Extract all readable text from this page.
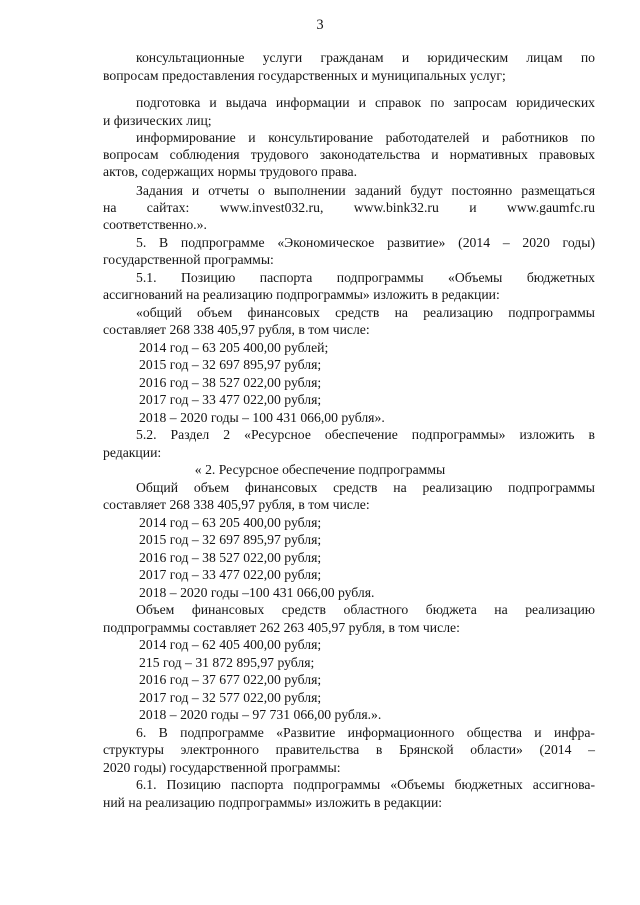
3
консультационные услуги гражданам и юридическим лицам по
вопросам предоставления государственных и муниципальных услуг;
подготовка и выдача информации и справок по запросам юридических
и физических лиц;
информирование и консультирование работодателей и работников по
вопросам соблюдения трудового законодательства и нормативных правовых
актов, содержащих нормы трудового права.
Задания и отчеты о выполнении заданий будут постоянно размещаться
на сайтах: www.invest032.ru, www.bink32.ru и www.gaumfc.ru
соответственно.».
5. В подпрограмме «Экономическое развитие» (2014 – 2020 годы)
государственной программы:
5.1. Позицию паспорта подпрограммы «Объемы бюджетных
ассигнований на реализацию подпрограммы» изложить в редакции:
«общий объем финансовых средств на реализацию подпрограммы
составляет 268 338 405,97 рубля, в том числе:
2014 год – 63 205 400,00 рублей;
2015 год – 32 697 895,97 рубля;
2016 год – 38 527 022,00 рубля;
2017 год – 33 477 022,00 рубля;
2018 – 2020 годы – 100 431 066,00 рубля».
5.2. Раздел 2 «Ресурсное обеспечение подпрограммы» изложить в
редакции:
« 2. Ресурсное обеспечение подпрограммы
Общий объем финансовых средств на реализацию подпрограммы
составляет 268 338 405,97 рубля, в том числе:
2014 год – 63 205 400,00 рубля;
2015 год – 32 697 895,97 рубля;
2016 год – 38 527 022,00 рубля;
2017 год – 33 477 022,00 рубля;
2018 – 2020 годы –100 431 066,00 рубля.
Объем финансовых средств областного бюджета на реализацию
подпрограммы составляет 262 263 405,97 рубля, в том числе:
2014 год – 62 405 400,00 рубля;
215 год – 31 872 895,97 рубля;
2016 год – 37 677 022,00 рубля;
2017 год – 32 577 022,00 рубля;
2018 – 2020 годы – 97 731 066,00 рубля.».
6. В подпрограмме «Развитие информационного общества и инфра-
структуры электронного правительства в Брянской области» (2014 –
2020 годы) государственной программы:
6.1. Позицию паспорта подпрограммы «Объемы бюджетных ассигнова-
ний на реализацию подпрограммы» изложить в редакции:
